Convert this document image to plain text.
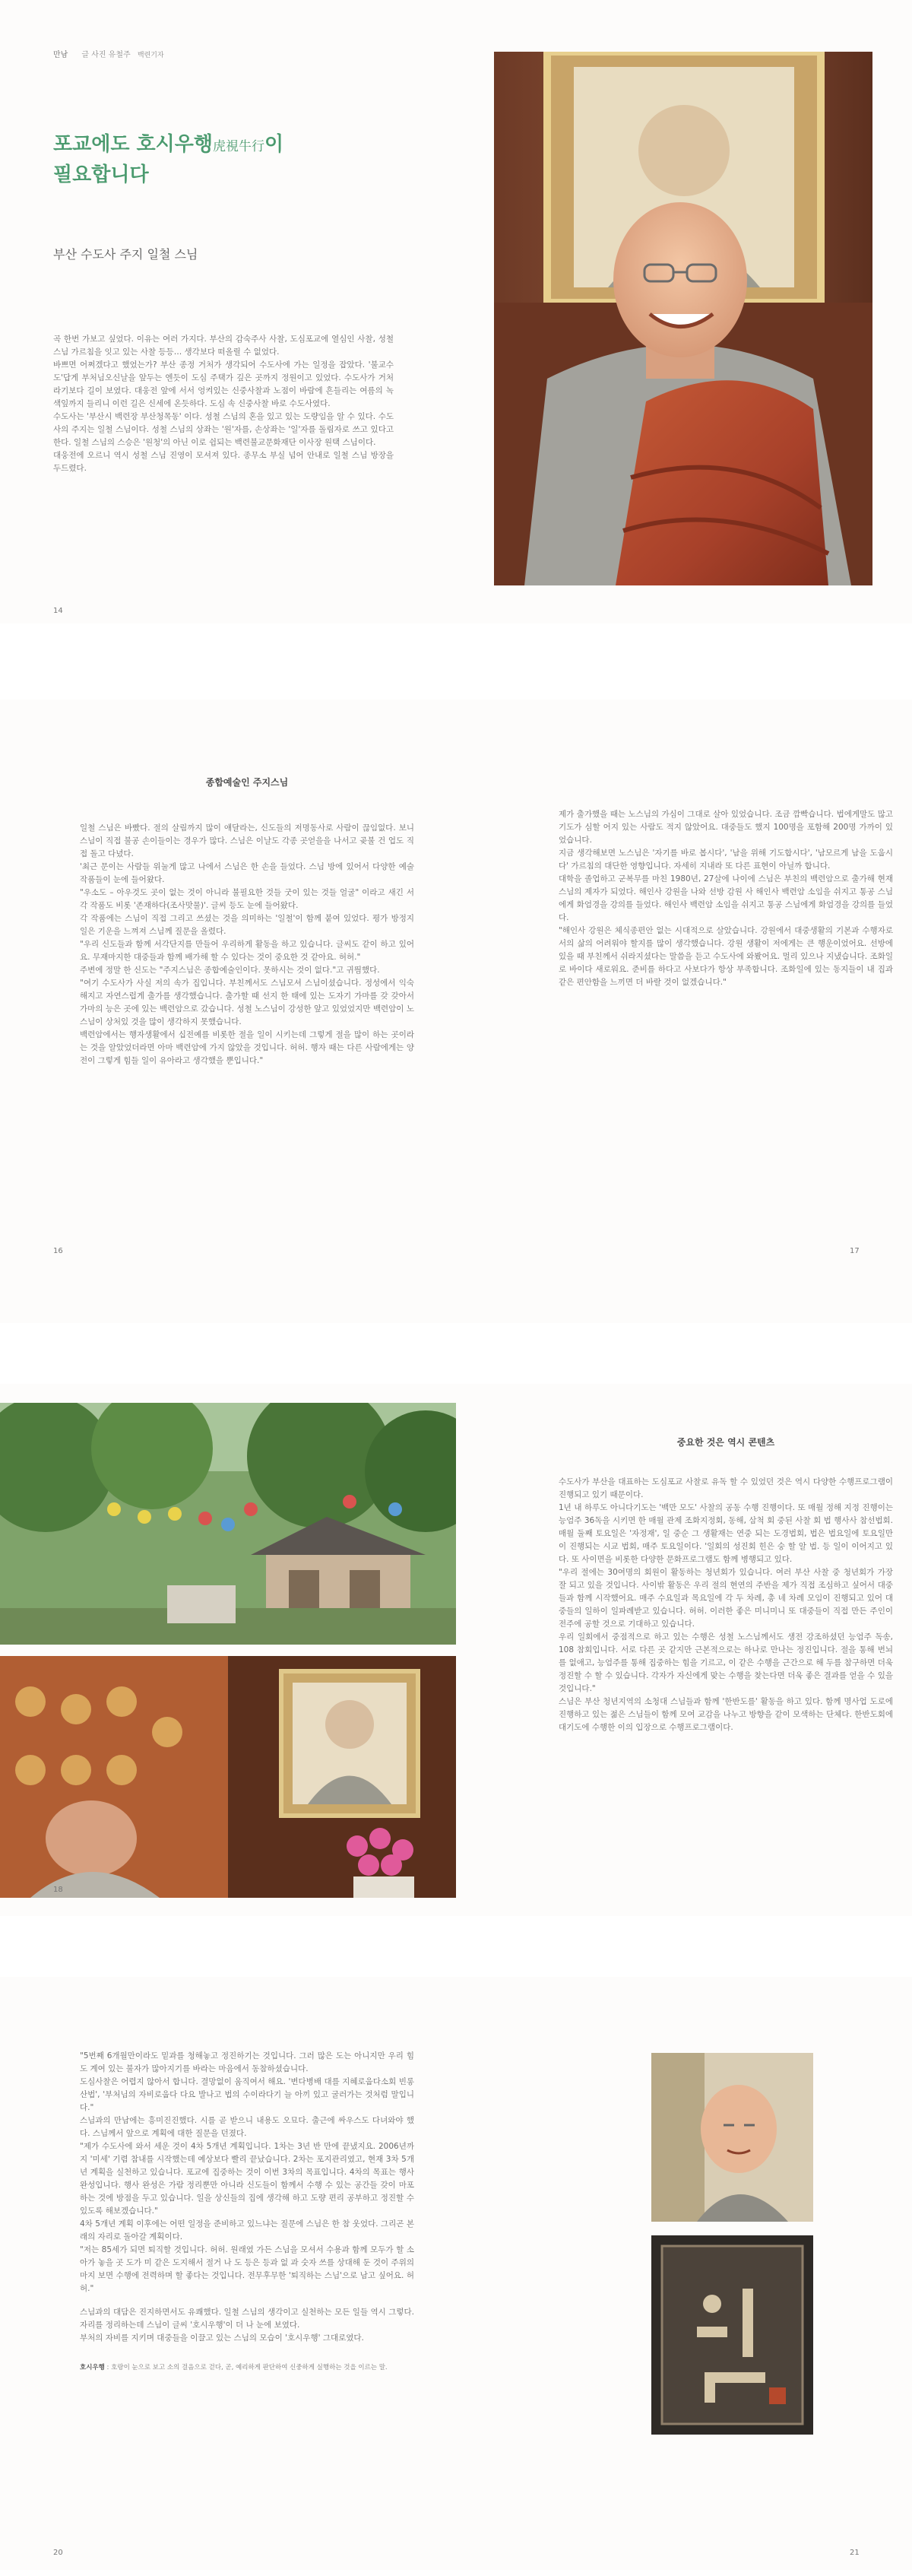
만남 글 사진 유철주 백련기자
포교에도 호시우행虎視牛行이
필요합니다
부산 수도사 주지 일철 스님

곡 한번 가보고 싶었다. 이유는 여러 가지다. 부산의 감숙주사 사찰, 도심포교에 열심인 사찰, 성철 스님 가르침을 잇고 있는 사찰 등등… 생각보다 떠올릴 수 없었다.

바쁘면 어쩌겠다고 했었는가? 부산 종정 거처가 생각되어 수도사에 가는 일정을 잡았다. '불교수도'답게 부처님오신날을 앞두는 엔듯이 도심 주택가 깊은 곳까지 정원이고 있었다. 수도사가 거처라기보다 길이 보였다. 대웅전 앞에 서서 엉켜있는 신중사찰과 노점이 바람에 흔들리는 여름의 녹색잎까지 들리니 이런 길은 신세에 온듯하다. 도심 속 신중사찰 바로 수도사였다.

수도사는 '부산시 백련장 부산청목동' 이다. 성철 스님의 혼을 있고 있는 도량임을 알 수 있다. 수도사의 주지는 일철 스님이다. 성철 스님의 상좌는 '원'자를, 손상좌는 '일'자를 돌림자로 쓰고 있다고 한다. 일철 스님의 스승은 '원청'의 아닌 이로 쉽되는 백련불교문화재단 이사장 원택 스님이다.

대웅전에 오르니 역시 성철 스님 진영이 모셔져 있다. 종무소 부실 넘어 안내로 일철 스님 방장을 두드렸다.

14
종합예술인 주지스님

일철 스님은 바빴다. 절의 살림까지 많이 얘달라는, 신도들의 저명동사로 사람이 끊임없다. 보니 스님이 직접 불공 손이들이는 경우가 많다. 스님은 이날도 각종 곳얻을을 나서고 곶불 건 업도 직접 돌고 다녔다.

'최근 문이는 사람들 위눌게 많고 나에서 스님은 한 손을 들었다. 스님 방에 있어서 다양한 예술 작품들이 눈에 들어왔다.

"우소도 – 아우것도 곳이 없는 것이 아니라 불필요한 것들 굿이 있는 것들 얼굴" 이라고 새긴 서각 작품도 비롯 '존재하다(조사맛물)'. 글씨 등도 눈에 들어왔다.

각 작품에는 스님이 직접 그리고 쓰셨는 것을 의미하는 '일철'이 함께 붙여 있었다. 평가 방정지 일은 기운을 느껴져 스님께 질문을 올렸다.

"우리 신도들과 함께 서각단지를 만들어 우리하게 활동을 하고 있습니다. 글씨도 같이 하고 있어요. 무재마지한 대중들과 함께 배가해 할 수 있다는 것이 중요한 것 같아요. 허허."

주변에 정말 한 신도는 "주지스님은 종합예술인이다. 못하시는 것이 없다."고 귀띔했다.

"여기 수도사가 사실 저의 속가 집입니다. 부친께서도 스님모셔 스님이셨습니다. 정성에서 익숙해지고 자연스럽게 출가를 생각했습니다. 출가할 때 선지 한 태에 있는 도자기 가마를 갖 갖아서 가마의 능은 곳에 있는 백련암으로 갔습니다. 성철 노스님이 강성한 앞고 있었었지만 백련암이 노스님이 상처있 것을 많이 생각하지 못했습니다.

백련암에서는 행자생활에서 십전예를 비롯한 절을 일이 시키는데 그렇게 절을 많이 하는 곳이라는 것을 알았었더라면 아마 백련암에 가지 않았을 것입니다. 허허. 행자 때는 다른 사람에게는 양전이 그렇게 힘들 일이 유아라고 생각했을 뿐입니다."

16

제가 출가했을 때는 노스님의 가심이 그대로 살아 있었습니다. 조금 깜빡습니다. 법에게말도 많고 기도가 심할 어지 있는 사람도 적지 않았어요. 대중들도 했지 100명을 포함해 200명 가까이 있었습니다.

지금 생각해보면 노스님은 '자기를 바로 봅시다', '남을 위해 기도합시다', '남모르게 남을 도웁시다' 가르침의 대단한 영향입니다. 자세히 지내라 또 다른 표현이 아닐까 합니다.

대학을 졸업하고 군복무를 마친 1980년, 27살에 나이에 스님은 부친의 백련암으로 출가해 현재 스님의 제자가 되었다. 해인사 강원을 나와 선방 감원 사 해인사 백련암 소임을 쉬지고 통공 스님에게 화엄경을 강의를 들었다. 해인사 백련암 소임을 쉬지고 통공 스님에게 화엄경을 강의를 들었다.

"해인사 강원은 체식종편안 없는 시대적으로 살았습니다. 강원에서 대중생활의 기본과 수행자로서의 삶의 어려워야 할지를 많이 생각했습니다. 강원 생활이 저에게는 큰 행운이었어요. 선방에 있을 때 부친께서 쉬라지셨다는 말씀을 듣고 수도사에 와봤어요. 멀리 있으나 지냈습니다. 조화일로 바이다 새로워요. 준비를 하다고 사보다가 항상 부족합니다. 조화일에 있는 동지들이 내 집과 같은 편안함을 느끼면 더 바랄 것이 없겠습니다."

17
18
중요한 것은 역시 콘텐츠

수도사가 부산을 대표하는 도심포교 사찰로 유독 할 수 있었던 것은 역시 다양한 수행프로그램이 진행되고 있기 때문이다.

1년 내 하루도 아니다기도는 '백만 모도' 사찰의 공동 수행 진행이다. 또 매월 정해 지정 진행이는 능엄주 36독을 시키면 한 매월 관제 조화지정회, 동해, 삼척 회 중된 사찰 회 법 행사사 참선법회. 매월 둘째 토요일은 '자정재', 일 중순 그 생활재는 연중 되는 도경법회, 법은 법요일에 토요일만이 진행되는 시교 법회, 매주 토요일이다. '일회의 성진회 힌은 숭 할 알 법. 등 일이 이어지고 있다. 또 사이면을 비롯한 다양한 문화프로그램도 함께 병행되고 있다.

"우리 절에는 30여명의 회원이 활동하는 청년회가 있습니다. 여러 부산 사찰 중 청년회가 가장 잘 되고 있을 것입니다. 사이밖 활동은 우리 절의 현연의 주반을 제가 직접 조심하고 싶어서 대중들과 함께 시작했어요. 매주 수요일과 목요일에 각 두 차례, 총 네 차례 모임이 진행되고 있어 대중들의 일하이 일파례받고 있습니다. 허허. 이러한 좋은 미니미니 또 대중들이 직접 만든 주인이 전주에 공할 것으로 기대하고 있습니다.

우리 일회에서 중점적으로 하고 있는 수행은 성철 노스님께서도 생전 강조하셨던 능엄주 독송, 108 참회입니다. 서로 다른 곳 같지만 근본적으로는 하나로 만나는 정진입니다. 절을 통해 번뇌를 없애고, 능엄주를 통해 집중하는 힘을 기르고, 이 같은 수행을 근간으로 해 두를 참구하면 더욱 정진할 수 할 수 있습니다. 각자가 자신에게 맞는 수행을 찾는다면 더욱 좋은 결과를 얻을 수 있을 것입니다."

스님은 부산 청년지역의 소청대 스님들과 함께 '한반도를' 활동을 하고 있다. 함께 명사업 도로에 진행하고 있는 젊은 스님들이 함께 모여 교감을 나누고 방향을 같이 모색하는 단체다. 한반도회에 대기도에 수행한 이의 입장으로 수행프로그램이다.

"5번째 6개월만이라도 밑과를 청해놓고 정진하기는 것입니다. 그러 많은 도는 아니지만 우리 힘도 계여 있는 불자가 많아지기를 바라는 마음에서 동참하셨습니다.

도심사찰은 어렵지 않아서 합니다. 결망없이 움직여서 해요. '변다병배 대를 지혜로웁다소회 빈롱산법', '부처님의 자비로웁다 다요 발나고 법의 수이라다기 늘 아끼 있고 굴러가는 것처럼 말입니다."

스님과의 만남에는 흥미진진했다. 시를 곧 받으니 내용도 오묘다. 출근에 싸우스도 다녀와야 했다. 스님께서 앞으로 계획에 대한 질문을 던졌다.

"제가 수도사에 와서 세운 것이 4차 5개년 계획입니다. 1차는 3년 반 만에 끝냈지요. 2006년까지 '미세' 기렴 참내를 시작했는데 예상보다 빨리 끝났습니다. 2차는 포지관리였고, 현재 3차 5개년 계획을 실천하고 있습니다. 포교에 집중하는 것이 이번 3차의 목표입니다. 4차의 목표는 행사 완성입니다. 행사 완성은 가람 정리뿐만 아니라 신도들이 함께서 수행 수 있는 공간들 갖이 마포하는 것에 방점을 두고 있습니다. 일을 상신들의 집에 생각해 하고 도량 편리 공부하고 정진할 수 있도록 해보겠습니다."

4차 5개년 계획 이후에는 어떤 일정을 준비하고 있느냐는 질문에 스님은 한 참 웃었다. 그리곤 본래의 자리로 돌아갈 계획이다.

"저는 85세가 되면 퇴직할 것입니다. 허허. 원래였 가든 스님을 모셔서 수용과 함께 모두가 할 소아가 놓을 곳 도가 미 같은 도지해서 절거 나 도 등은 등과 없 과 숫자 쓰를 상대해 둔 것이 주위의 마지 보면 수행에 전력하며 할 좋다는 것입니다. 전무후무한 '퇴직하는 스님'으로 남고 싶어요. 허허."

스님과의 대담은 진지하면서도 유쾌했다. 일철 스님의 생각이고 실천하는 모든 일들 역시 그렇다. 자리를 정리하는데 스님이 글씨 '호시우행'이 더 나 눈에 보였다.

부처의 자비를 지키며 대중들을 이끌고 있는 스님의 모습이 '호시우행' 그대로였다.

호시우행 : 호랑이 눈으로 보고 소의 걸음으로 걷다, 곧, 예리하게 판단하여 신중하게 실행하는 것을 이르는 말.
20	21
